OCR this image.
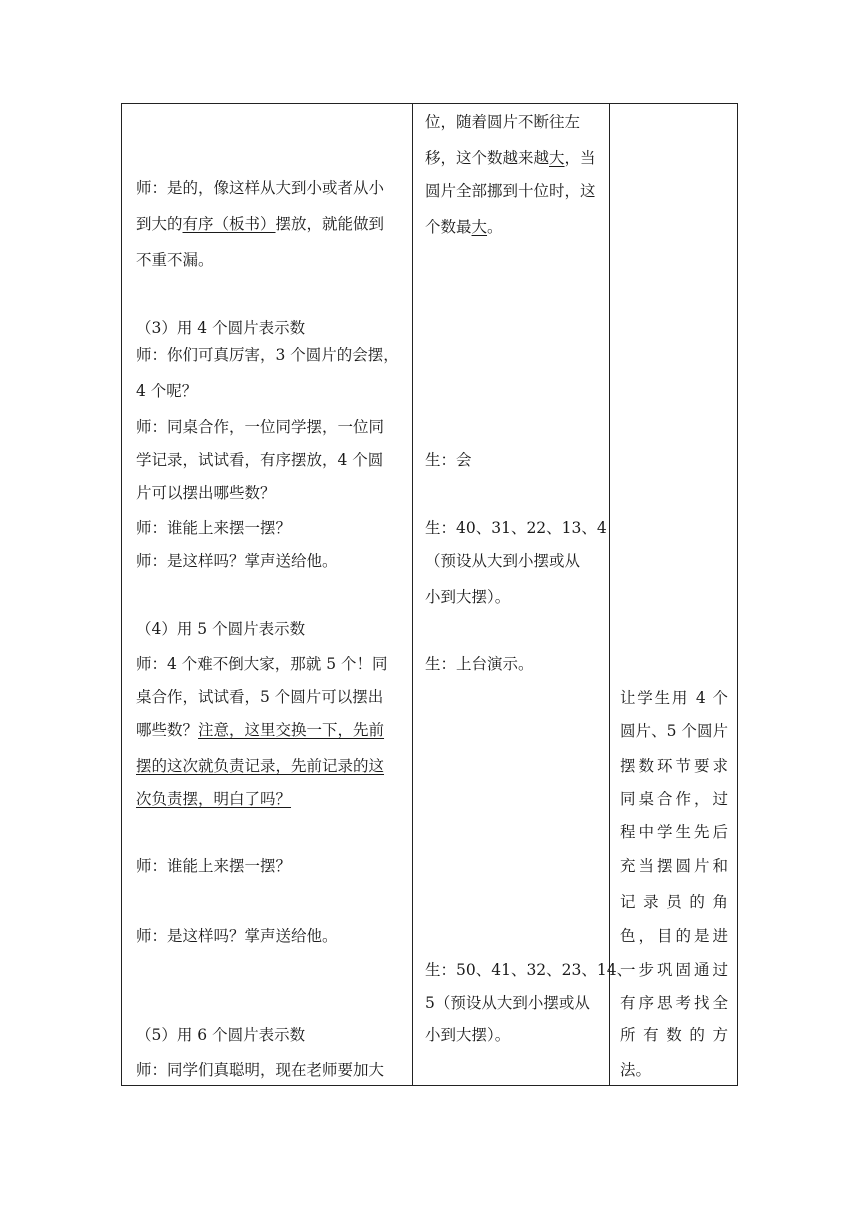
师：是的，像这样从大到小或者从小
到大的有序（板书）摆放，就能做到
不重不漏。
（3）用 4 个圆片表示数
师：你们可真厉害，3 个圆片的会摆，
4 个呢？
师：同桌合作，一位同学摆，一位同
学记录，试试看，有序摆放，4 个圆
片可以摆出哪些数？
师：谁能上来摆一摆？
师：是这样吗？掌声送给他。
（4）用 5 个圆片表示数
师：4 个难不倒大家，那就 5 个！同
桌合作，试试看，5 个圆片可以摆出
哪些数？注意，这里交换一下，先前
摆的这次就负责记录，先前记录的这
次负责摆，明白了吗？
师：谁能上来摆一摆？
师：是这样吗？掌声送给他。
（5）用 6 个圆片表示数
师：同学们真聪明，现在老师要加大
位，随着圆片不断往左
移，这个数越来越大，当
圆片全部挪到十位时，这
个数最大。
生：会
生：40、31、22、13、4
（预设从大到小摆或从
小到大摆）。
生：上台演示。
生：50、41、32、23、14、
5（预设从大到小摆或从
小到大摆）。
让学生用 4 个
圆片、5 个圆片
摆数环节要求
同桌合作，过
程中学生先后
充当摆圆片和
记录员的角
色，目的是进
一步巩固通过
有序思考找全
所有数的方
法。
